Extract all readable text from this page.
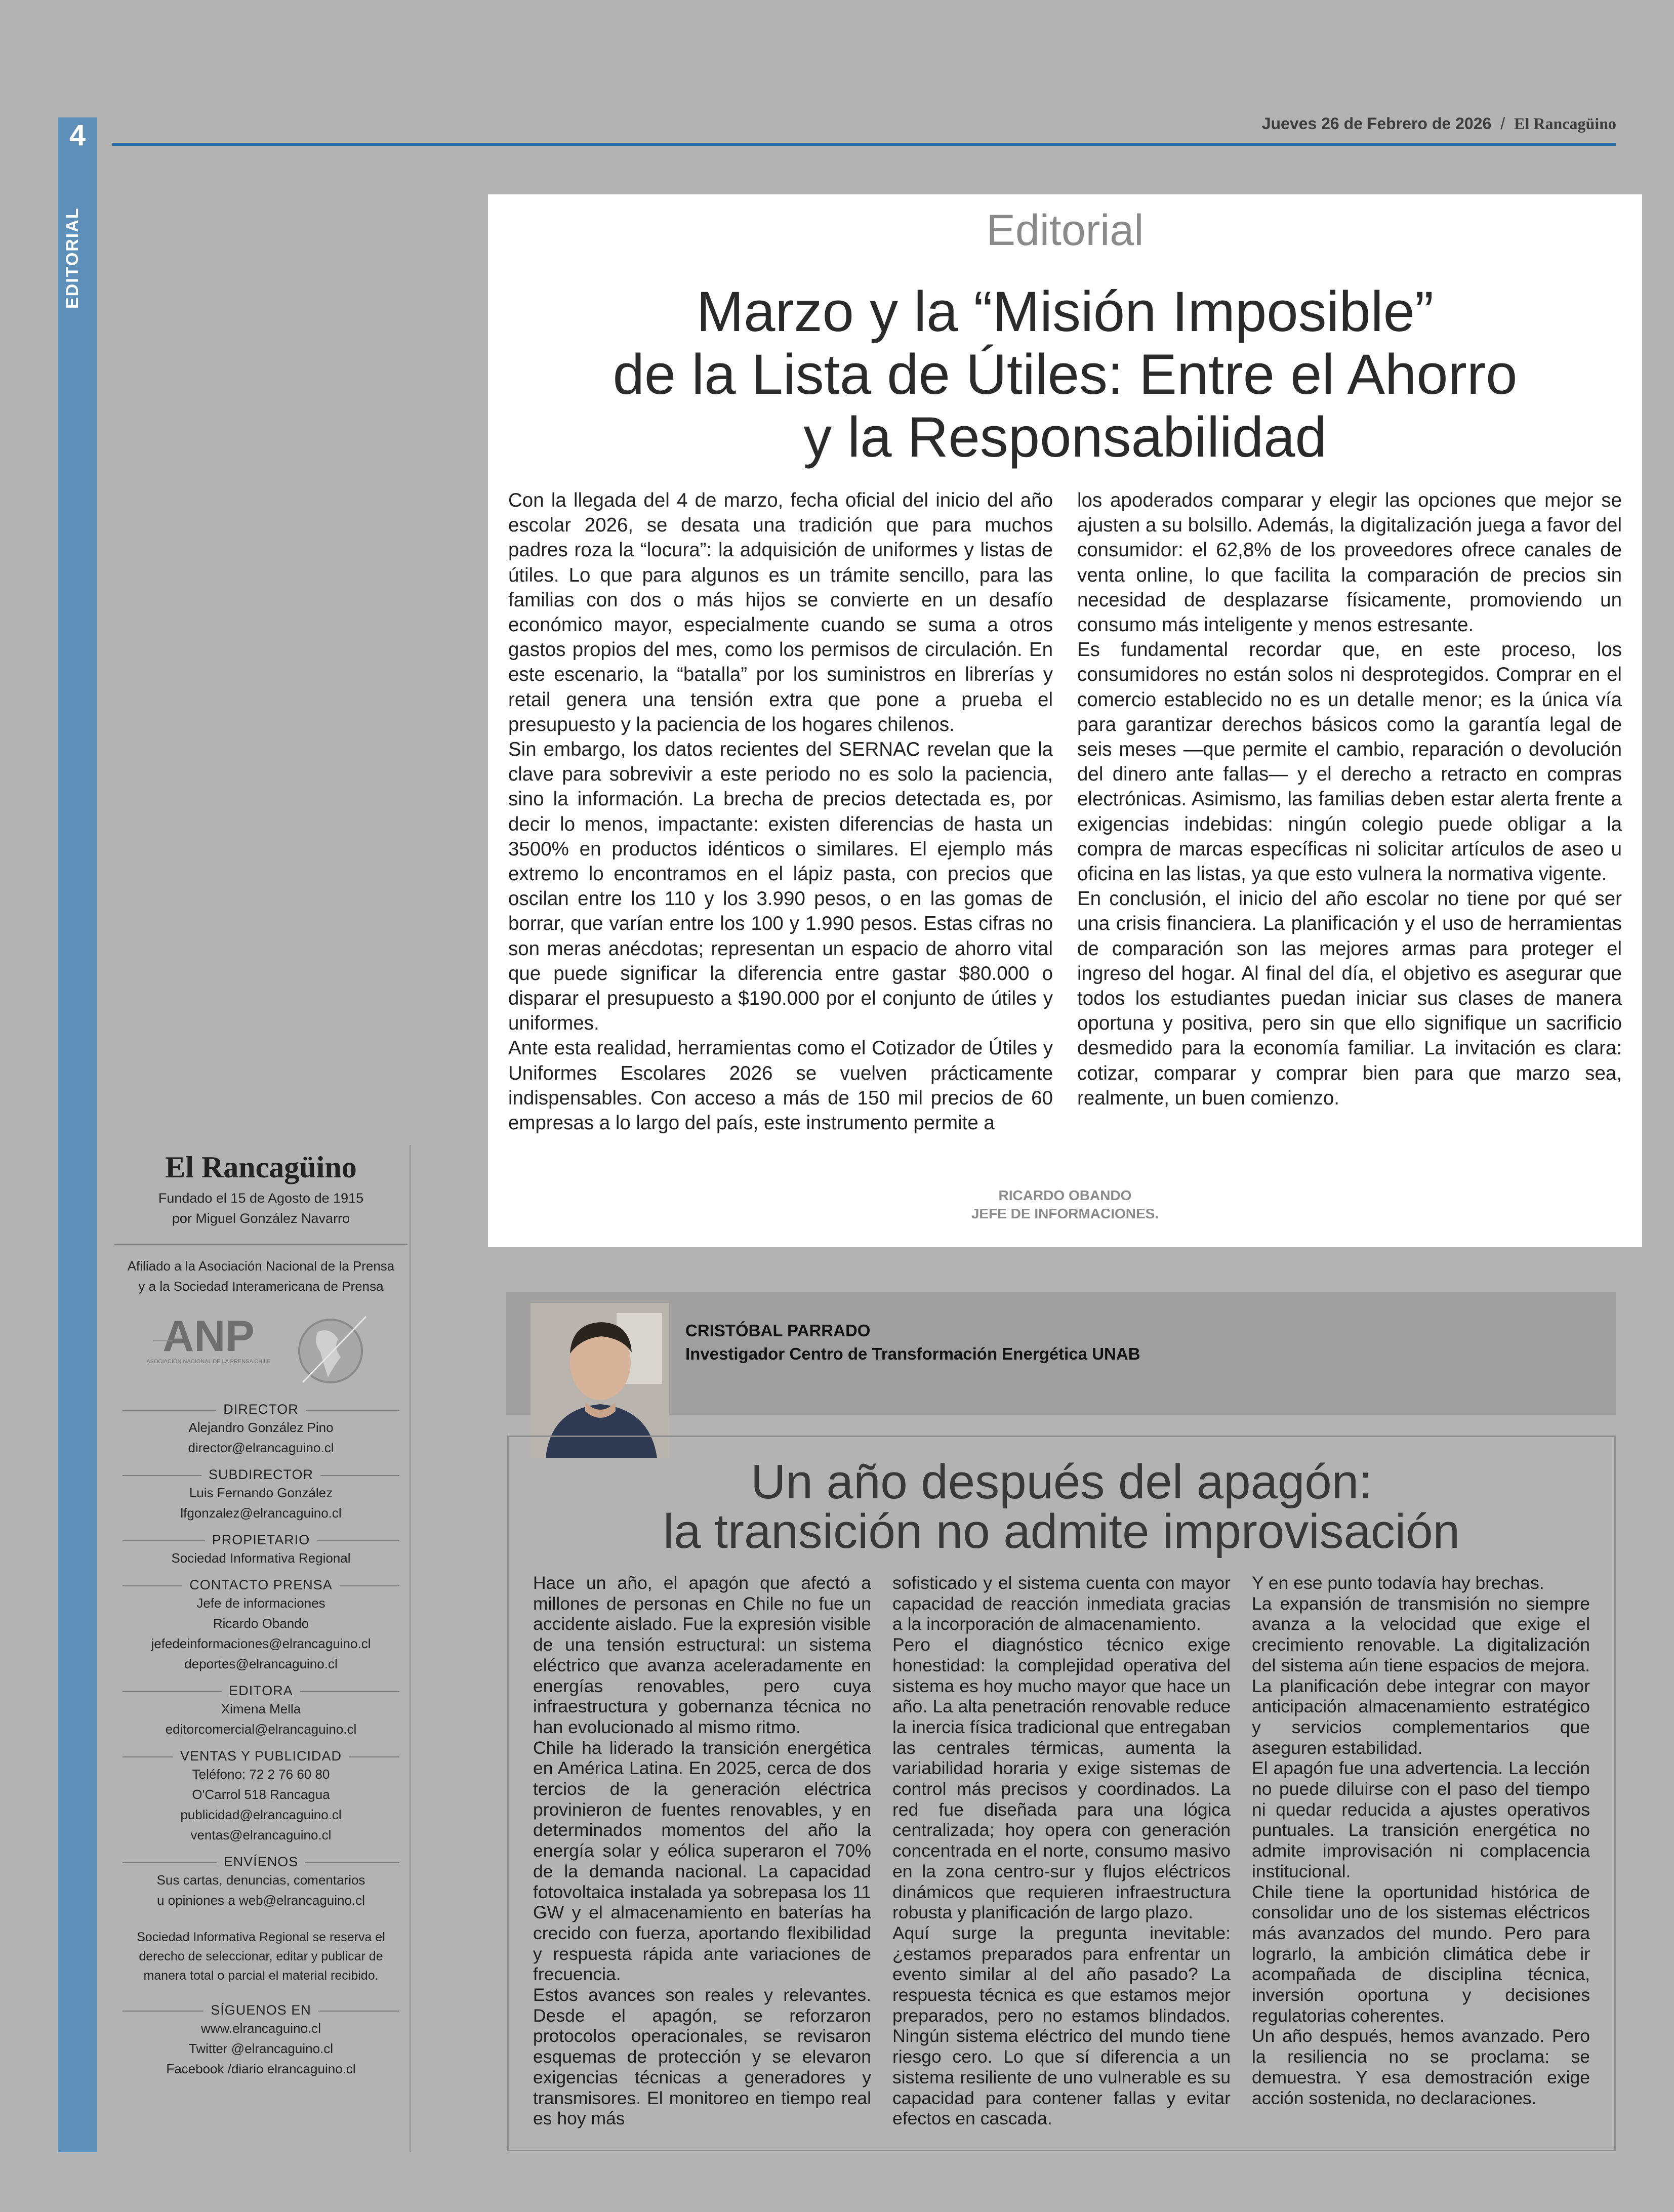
4
EDITORIAL
Jueves 26 de Febrero de 2026 / El Rancagüino
Editorial
Marzo y la “Misión Imposible”
de la Lista de Útiles: Entre el Ahorro
y la Responsabilidad

Con la llegada del 4 de marzo, fecha oficial del inicio del año escolar 2026, se desata una tradición que para muchos padres roza la “locura”: la adquisición de uniformes y listas de útiles. Lo que para algunos es un trámite sencillo, para las familias con dos o más hijos se convierte en un desafío económico mayor, especialmente cuando se suma a otros gastos propios del mes, como los permisos de circulación. En este escenario, la “batalla” por los suministros en librerías y retail genera una tensión extra que pone a prueba el presupuesto y la paciencia de los hogares chilenos.

Sin embargo, los datos recientes del SERNAC revelan que la clave para sobrevivir a este periodo no es solo la paciencia, sino la información. La brecha de precios detectada es, por decir lo menos, impactante: existen diferencias de hasta un 3500% en productos idénticos o similares. El ejemplo más extremo lo encontramos en el lápiz pasta, con precios que oscilan entre los 110 y los 3.990 pesos, o en las gomas de borrar, que varían entre los 100 y 1.990 pesos. Estas cifras no son meras anécdotas; representan un espacio de ahorro vital que puede significar la diferencia entre gastar $80.000 o disparar el presupuesto a $190.000 por el conjunto de útiles y uniformes.

Ante esta realidad, herramientas como el Cotizador de Útiles y Uniformes Escolares 2026 se vuelven prácticamente indispensables. Con acceso a más de 150 mil precios de 60 empresas a lo largo del país, este instrumento permite a

los apoderados comparar y elegir las opciones que mejor se ajusten a su bolsillo. Además, la digitalización juega a favor del consumidor: el 62,8% de los proveedores ofrece canales de venta online, lo que facilita la comparación de precios sin necesidad de desplazarse físicamente, promoviendo un consumo más inteligente y menos estresante.

Es fundamental recordar que, en este proceso, los consumidores no están solos ni desprotegidos. Comprar en el comercio establecido no es un detalle menor; es la única vía para garantizar derechos básicos como la garantía legal de seis meses —que permite el cambio, reparación o devolución del dinero ante fallas— y el derecho a retracto en compras electrónicas. Asimismo, las familias deben estar alerta frente a exigencias indebidas: ningún colegio puede obligar a la compra de marcas específicas ni solicitar artículos de aseo u oficina en las listas, ya que esto vulnera la normativa vigente.

En conclusión, el inicio del año escolar no tiene por qué ser una crisis financiera. La planificación y el uso de herramientas de comparación son las mejores armas para proteger el ingreso del hogar. Al final del día, el objetivo es asegurar que todos los estudiantes puedan iniciar sus clases de manera oportuna y positiva, pero sin que ello signifique un sacrificio desmedido para la economía familiar. La invitación es clara: cotizar, comparar y comprar bien para que marzo sea, realmente, un buen comienzo.

RICARDO OBANDO
JEFE DE INFORMACIONES.
El Rancagüino
Fundado el 15 de Agosto de 1915
por Miguel González Navarro
Afiliado a la Asociación Nacional de la Prensa
y a la Sociedad Interamericana de Prensa
ANP
ASOCIACIÓN NACIONAL DE LA PRENSA CHILE
DIRECTOR
Alejandro González Pino
director@elrancaguino.cl
SUBDIRECTOR
Luis Fernando González
lfgonzalez@elrancaguino.cl
PROPIETARIO
Sociedad Informativa Regional
CONTACTO PRENSA
Jefe de informaciones
Ricardo Obando
jefedeinformaciones@elrancaguino.cl
deportes@elrancaguino.cl
EDITORA
Ximena Mella
editorcomercial@elrancaguino.cl
VENTAS Y PUBLICIDAD
Teléfono: 72 2 76 60 80
O'Carrol 518 Rancagua
publicidad@elrancaguino.cl
ventas@elrancaguino.cl
ENVÍENOS
Sus cartas, denuncias, comentarios
u opiniones a web@elrancaguino.cl
Sociedad Informativa Regional se reserva el
derecho de seleccionar, editar y publicar de
manera total o parcial el material recibido.
SÍGUENOS EN
www.elrancaguino.cl
Twitter @elrancaguino.cl
Facebook /diario elrancaguino.cl
CRISTÓBAL PARRADO
Investigador Centro de Transformación Energética UNAB
Un año después del apagón:
la transición no admite improvisación

Hace un año, el apagón que afectó a millones de personas en Chile no fue un accidente aislado. Fue la expresión visible de una tensión estructural: un sistema eléctrico que avanza aceleradamente en energías renovables, pero cuya infraestructura y gobernanza técnica no han evolucionado al mismo ritmo.

Chile ha liderado la transición energética en América Latina. En 2025, cerca de dos tercios de la generación eléctrica provinieron de fuentes renovables, y en determinados momentos del año la energía solar y eólica superaron el 70% de la demanda nacional. La capacidad fotovoltaica instalada ya sobrepasa los 11 GW y el almacenamiento en baterías ha crecido con fuerza, aportando flexibilidad y respuesta rápida ante variaciones de frecuencia.

Estos avances son reales y relevantes. Desde el apagón, se reforzaron protocolos operacionales, se revisaron esquemas de protección y se elevaron exigencias técnicas a generadores y transmisores. El monitoreo en tiempo real es hoy más

sofisticado y el sistema cuenta con mayor capacidad de reacción inmediata gracias a la incorporación de almacenamiento.

Pero el diagnóstico técnico exige honestidad: la complejidad operativa del sistema es hoy mucho mayor que hace un año. La alta penetración renovable reduce la inercia física tradicional que entregaban las centrales térmicas, aumenta la variabilidad horaria y exige sistemas de control más precisos y coordinados. La red fue diseñada para una lógica centralizada; hoy opera con generación concentrada en el norte, consumo masivo en la zona centro-sur y flujos eléctricos dinámicos que requieren infraestructura robusta y planificación de largo plazo.

Aquí surge la pregunta inevitable: ¿estamos preparados para enfrentar un evento similar al del año pasado? La respuesta técnica es que estamos mejor preparados, pero no estamos blindados. Ningún sistema eléctrico del mundo tiene riesgo cero. Lo que sí diferencia a un sistema resiliente de uno vulnerable es su capacidad para contener fallas y evitar efectos en cascada.

Y en ese punto todavía hay brechas.

La expansión de transmisión no siempre avanza a la velocidad que exige el crecimiento renovable. La digitalización del sistema aún tiene espacios de mejora. La planificación debe integrar con mayor anticipación almacenamiento estratégico y servicios complementarios que aseguren estabilidad.

El apagón fue una advertencia. La lección no puede diluirse con el paso del tiempo ni quedar reducida a ajustes operativos puntuales. La transición energética no admite improvisación ni complacencia institucional.

Chile tiene la oportunidad histórica de consolidar uno de los sistemas eléctricos más avanzados del mundo. Pero para lograrlo, la ambición climática debe ir acompañada de disciplina técnica, inversión oportuna y decisiones regulatorias coherentes.

Un año después, hemos avanzado. Pero la resiliencia no se proclama: se demuestra. Y esa demostración exige acción sostenida, no declaraciones.
